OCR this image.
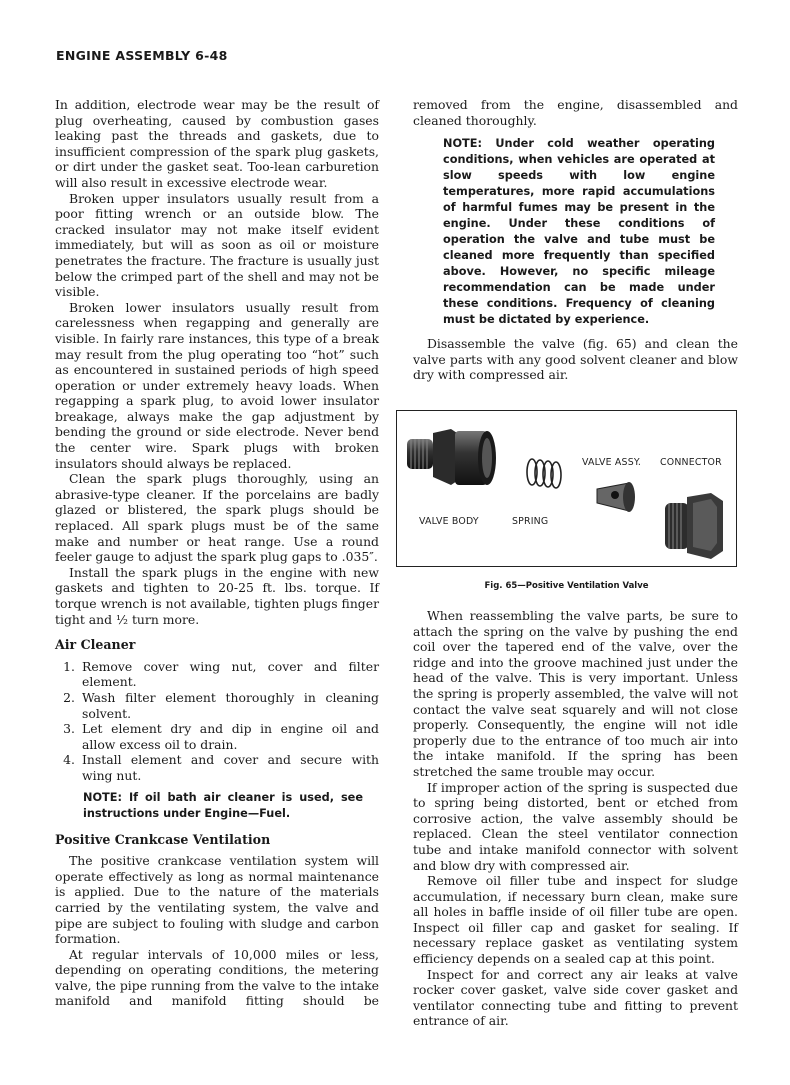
ENGINE ASSEMBLY 6-48

In addition, electrode wear may be the result of plug overheating, caused by combustion gases leaking past the threads and gaskets, due to insufficient compression of the spark plug gaskets, or dirt under the gasket seat. Too-lean carburetion will also result in excessive electrode wear.

Broken upper insulators usually result from a poor fitting wrench or an outside blow. The cracked insulator may not make itself evident immediately, but will as soon as oil or moisture penetrates the fracture. The fracture is usually just below the crimped part of the shell and may not be visible.

Broken lower insulators usually result from carelessness when regapping and generally are visible. In fairly rare instances, this type of a break may result from the plug operating too “hot” such as encountered in sustained periods of high speed operation or under extremely heavy loads. When regapping a spark plug, to avoid lower insulator breakage, always make the gap adjustment by bending the ground or side electrode. Never bend the center wire. Spark plugs with broken insulators should always be replaced.

Clean the spark plugs thoroughly, using an abrasive-type cleaner. If the porcelains are badly glazed or blistered, the spark plugs should be replaced. All spark plugs must be of the same make and number or heat range. Use a round feeler gauge to adjust the spark plug gaps to .035″.

Install the spark plugs in the engine with new gaskets and tighten to 20-25 ft. lbs. torque. If torque wrench is not available, tighten plugs finger tight and ½ turn more.

Air Cleaner
1. Remove cover wing nut, cover and filter element.
2. Wash filter element thoroughly in cleaning solvent.
3. Let element dry and dip in engine oil and allow excess oil to drain.
4. Install element and cover and secure with wing nut.
NOTE: If oil bath air cleaner is used, see instructions under Engine—Fuel.
Positive Crankcase Ventilation

The positive crankcase ventilation system will operate effectively as long as normal maintenance is applied. Due to the nature of the materials carried by the ventilating system, the valve and pipe are subject to fouling with sludge and carbon formation.

At regular intervals of 10,000 miles or less, depending on operating conditions, the metering valve, the pipe running from the valve to the intake manifold and manifold fitting should be

removed from the engine, disassembled and cleaned thoroughly.

NOTE: Under cold weather operating conditions, when vehicles are operated at slow speeds with low engine temperatures, more rapid accumulations of harmful fumes may be present in the engine. Under these conditions of operation the valve and tube must be cleaned more frequently than specified above. However, no specific mileage recommendation can be made under these conditions. Frequency of cleaning must be dictated by experience.

Disassemble the valve (fig. 65) and clean the valve parts with any good solvent cleaner and blow dry with compressed air.

VALVE BODY	SPRING
VALVE ASSY. CONNECTOR
Fig. 65—Positive Ventilation Valve

When reassembling the valve parts, be sure to attach the spring on the valve by pushing the end coil over the tapered end of the valve, over the ridge and into the groove machined just under the head of the valve. This is very important. Unless the spring is properly assembled, the valve will not contact the valve seat squarely and will not close properly. Consequently, the engine will not idle properly due to the entrance of too much air into the intake manifold. If the spring has been stretched the same trouble may occur.

If improper action of the spring is suspected due to spring being distorted, bent or etched from corrosive action, the valve assembly should be replaced. Clean the steel ventilator connection tube and intake manifold connector with solvent and blow dry with compressed air.

Remove oil filler tube and inspect for sludge accumulation, if necessary burn clean, make sure all holes in baffle inside of oil filler tube are open. Inspect oil filler cap and gasket for sealing. If necessary replace gasket as ventilating system efficiency depends on a sealed cap at this point.

Inspect for and correct any air leaks at valve rocker cover gasket, valve side cover gasket and ventilator connecting tube and fitting to prevent entrance of air.
